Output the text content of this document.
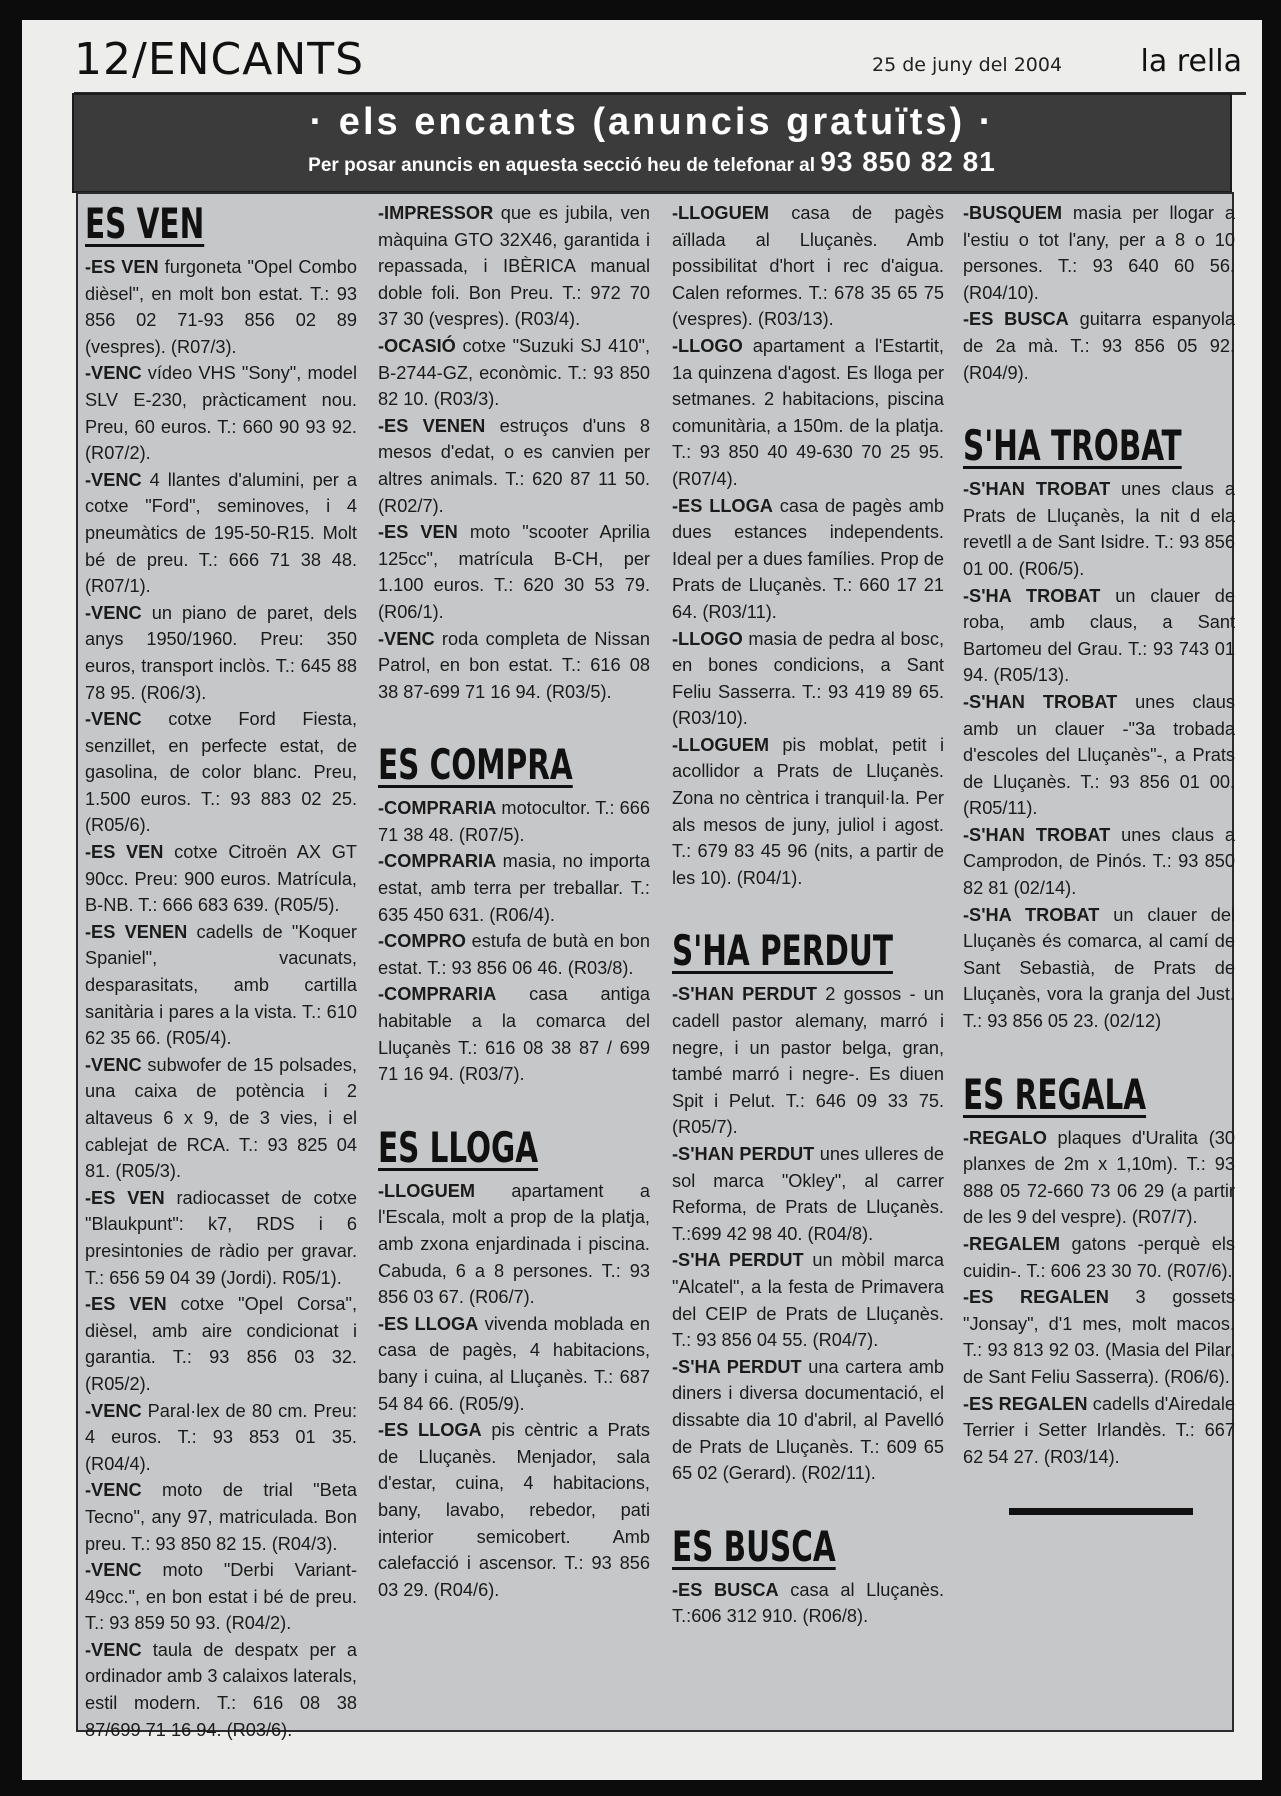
12/ENCANTS	25 de juny del 2004	la rella
· els encants (anuncis gratuïts) ·
Per posar anuncis en aquesta secció heu de telefonar al 93 850 82 81
ES VEN

-ES VEN furgoneta "Opel Combo dièsel", en molt bon estat. T.: 93 856 02 71-93 856 02 89 (vespres). (R07/3).

-VENC vídeo VHS "Sony", model SLV E-230, pràcticament nou. Preu, 60 euros. T.: 660 90 93 92. (R07/2).

-VENC 4 llantes d'alumini, per a cotxe "Ford", seminoves, i 4 pneumàtics de 195-50-R15. Molt bé de preu. T.: 666 71 38 48. (R07/1).

-VENC un piano de paret, dels anys 1950/1960. Preu: 350 euros, transport inclòs. T.: 645 88 78 95. (R06/3).

-VENC cotxe Ford Fiesta, senzillet, en perfecte estat, de gasolina, de color blanc. Preu, 1.500 euros. T.: 93 883 02 25. (R05/6).

-ES VEN cotxe Citroën AX GT 90cc. Preu: 900 euros. Matrícula, B-NB. T.: 666 683 639. (R05/5).

-ES VENEN cadells de "Koquer Spaniel", vacunats, desparasitats, amb cartilla sanitària i pares a la vista. T.: 610 62 35 66. (R05/4).

-VENC subwofer de 15 polsades, una caixa de potència i 2 altaveus 6 x 9, de 3 vies, i el cablejat de RCA. T.: 93 825 04 81. (R05/3).

-ES VEN radiocasset de cotxe "Blaukpunt": k7, RDS i 6 presintonies de ràdio per gravar. T.: 656 59 04 39 (Jordi). R05/1).

-ES VEN cotxe "Opel Corsa", dièsel, amb aire condicionat i garantia. T.: 93 856 03 32. (R05/2).

-VENC Paral·lex de 80 cm. Preu: 4 euros. T.: 93 853 01 35. (R04/4).

-VENC moto de trial "Beta Tecno", any 97, matriculada. Bon preu. T.: 93 850 82 15. (R04/3).

-VENC moto "Derbi Variant-49cc.", en bon estat i bé de preu. T.: 93 859 50 93. (R04/2).

-VENC taula de despatx per a ordinador amb 3 calaixos laterals, estil modern. T.: 616 08 38 87/699 71 16 94. (R03/6).

-IMPRESSOR que es jubila, ven màquina GTO 32X46, garantida i repassada, i IBÈRICA manual doble foli. Bon Preu. T.: 972 70 37 30 (vespres). (R03/4).

-OCASIÓ cotxe "Suzuki SJ 410", B-2744-GZ, econòmic. T.: 93 850 82 10. (R03/3).

-ES VENEN estruços d'uns 8 mesos d'edat, o es canvien per altres animals. T.: 620 87 11 50. (R02/7).

-ES VEN moto "scooter Aprilia 125cc", matrícula B-CH, per 1.100 euros. T.: 620 30 53 79. (R06/1).

-VENC roda completa de Nissan Patrol, en bon estat. T.: 616 08 38 87-699 71 16 94. (R03/5).

ES COMPRA

-COMPRARIA motocultor. T.: 666 71 38 48. (R07/5).

-COMPRARIA masia, no importa estat, amb terra per treballar. T.: 635 450 631. (R06/4).

-COMPRO estufa de butà en bon estat. T.: 93 856 06 46. (R03/8).

-COMPRARIA casa antiga habitable a la comarca del Lluçanès T.: 616 08 38 87 / 699 71 16 94. (R03/7).

ES LLOGA

-LLOGUEM apartament a l'Escala, molt a prop de la platja, amb zxona enjardinada i piscina. Cabuda, 6 a 8 persones. T.: 93 856 03 67. (R06/7).

-ES LLOGA vivenda moblada en casa de pagès, 4 habitacions, bany i cuina, al Lluçanès. T.: 687 54 84 66. (R05/9).

-ES LLOGA pis cèntric a Prats de Lluçanès. Menjador, sala d'estar, cuina, 4 habitacions, bany, lavabo, rebedor, pati interior semicobert. Amb calefacció i ascensor. T.: 93 856 03 29. (R04/6).

-LLOGUEM casa de pagès aïllada al Lluçanès. Amb possibilitat d'hort i rec d'aigua. Calen reformes. T.: 678 35 65 75 (vespres). (R03/13).

-LLOGO apartament a l'Estartit, 1a quinzena d'agost. Es lloga per setmanes. 2 habitacions, piscina comunitària, a 150m. de la platja. T.: 93 850 40 49-630 70 25 95. (R07/4).

-ES LLOGA casa de pagès amb dues estances independents. Ideal per a dues famílies. Prop de Prats de Lluçanès. T.: 660 17 21 64. (R03/11).

-LLOGO masia de pedra al bosc, en bones condicions, a Sant Feliu Sasserra. T.: 93 419 89 65. (R03/10).

-LLOGUEM pis moblat, petit i acollidor a Prats de Lluçanès. Zona no cèntrica i tranquil·la. Per als mesos de juny, juliol i agost. T.: 679 83 45 96 (nits, a partir de les 10). (R04/1).

S'HA PERDUT

-S'HAN PERDUT 2 gossos - un cadell pastor alemany, marró i negre, i un pastor belga, gran, també marró i negre-. Es diuen Spit i Pelut. T.: 646 09 33 75. (R05/7).

-S'HAN PERDUT unes ulleres de sol marca "Okley", al carrer Reforma, de Prats de Lluçanès. T.:699 42 98 40. (R04/8).

-S'HA PERDUT un mòbil marca "Alcatel", a la festa de Primavera del CEIP de Prats de Lluçanès. T.: 93 856 04 55. (R04/7).

-S'HA PERDUT una cartera amb diners i diversa documentació, el dissabte dia 10 d'abril, al Pavelló de Prats de Lluçanès. T.: 609 65 65 02 (Gerard). (R02/11).

ES BUSCA

-ES BUSCA casa al Lluçanès. T.:606 312 910. (R06/8).

-BUSQUEM masia per llogar a l'estiu o tot l'any, per a 8 o 10 persones. T.: 93 640 60 56. (R04/10).

-ES BUSCA guitarra espanyola de 2a mà. T.: 93 856 05 92. (R04/9).

S'HA TROBAT

-S'HAN TROBAT unes claus a Prats de Lluçanès, la nit d ela revetll a de Sant Isidre. T.: 93 856 01 00. (R06/5).

-S'HA TROBAT un clauer de roba, amb claus, a Sant Bartomeu del Grau. T.: 93 743 01 94. (R05/13).

-S'HAN TROBAT unes claus amb un clauer -"3a trobada d'escoles del Lluçanès"-, a Prats de Lluçanès. T.: 93 856 01 00. (R05/11).

-S'HAN TROBAT unes claus a Camprodon, de Pinós. T.: 93 850 82 81 (02/14).

-S'HA TROBAT un clauer del Lluçanès és comarca, al camí de Sant Sebastià, de Prats de Lluçanès, vora la granja del Just. T.: 93 856 05 23. (02/12)

ES REGALA

-REGALO plaques d'Uralita (30 planxes de 2m x 1,10m). T.: 93 888 05 72-660 73 06 29 (a partir de les 9 del vespre). (R07/7).

-REGALEM gatons -perquè els cuidin-. T.: 606 23 30 70. (R07/6).

-ES REGALEN 3 gossets "Jonsay", d'1 mes, molt macos. T.: 93 813 92 03. (Masia del Pilar, de Sant Feliu Sasserra). (R06/6).

-ES REGALEN cadells d'Airedale Terrier i Setter Irlandès. T.: 667 62 54 27. (R03/14).
